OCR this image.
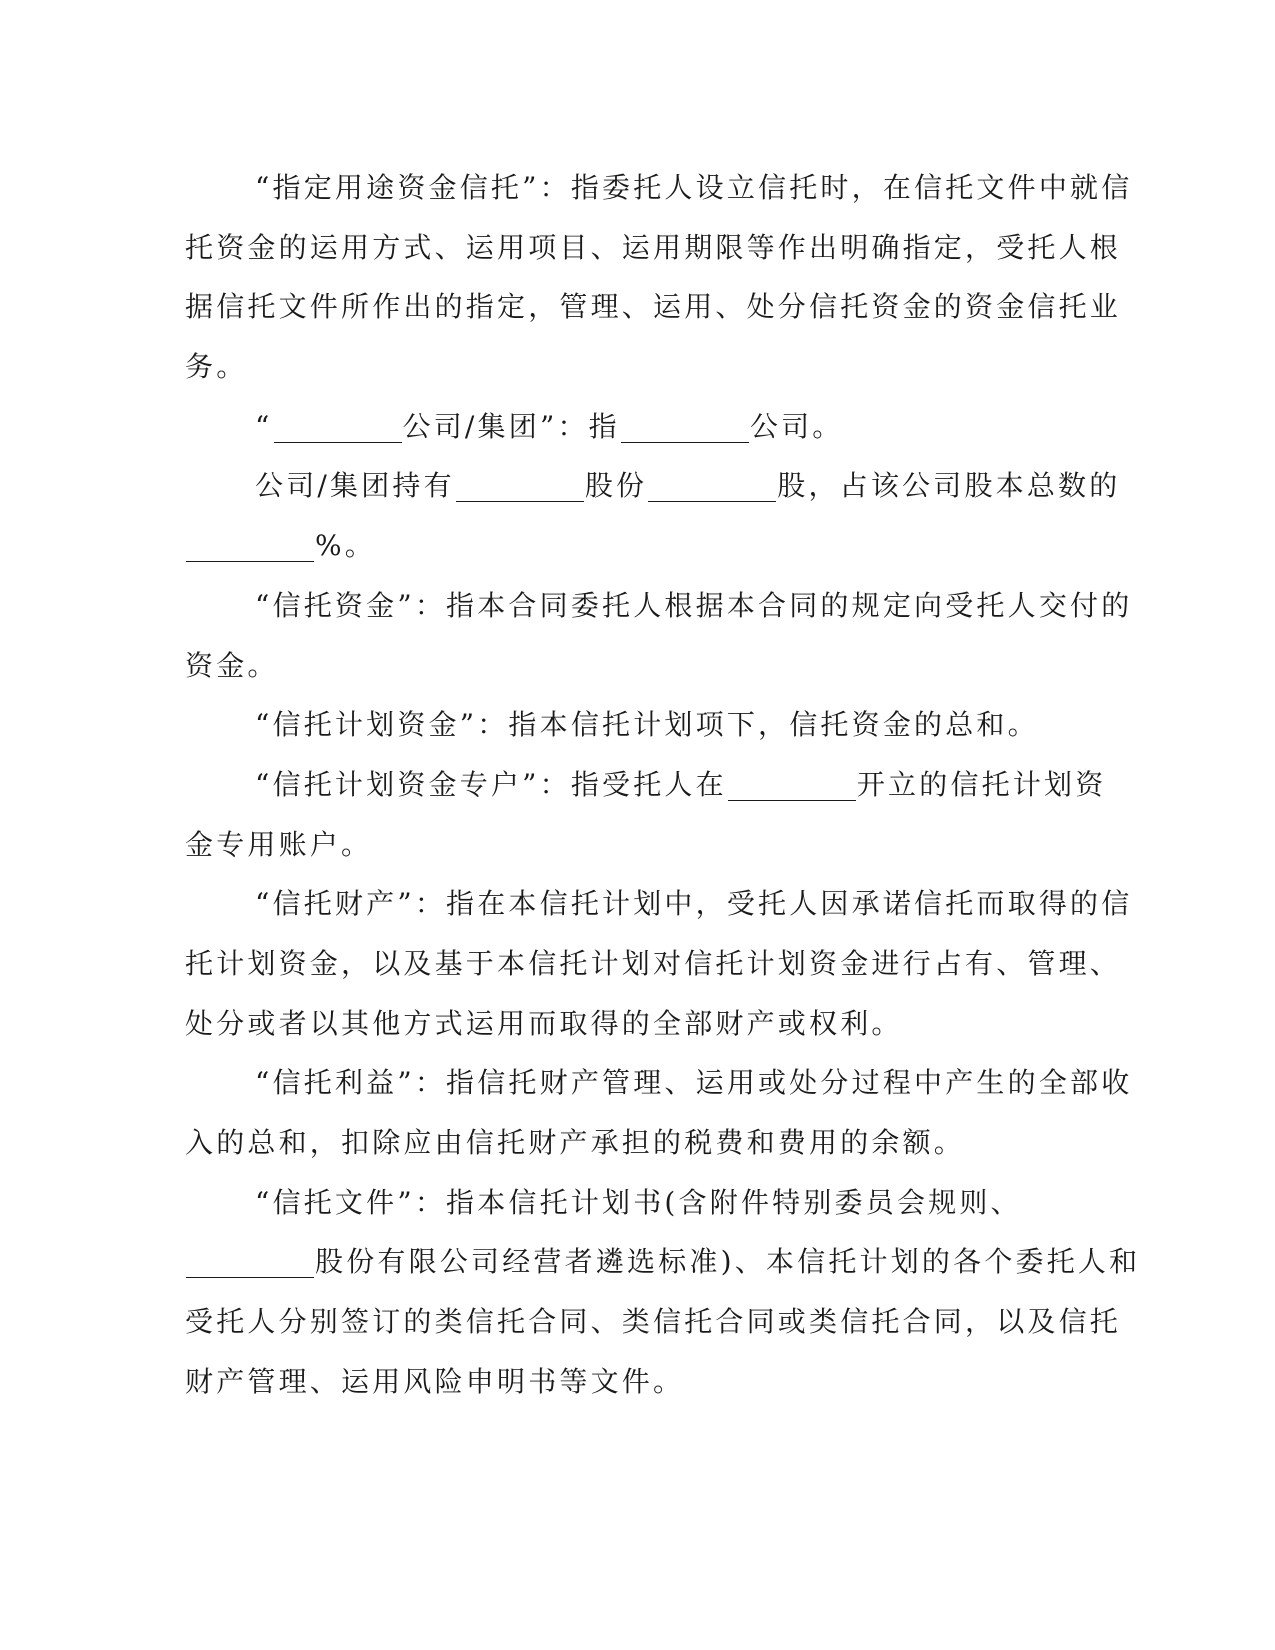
“指定用途资金信托”：指委托人设立信托时，在信托文件中就信
托资金的运用方式、运用项目、运用期限等作出明确指定，受托人根
据信托文件所作出的指定，管理、运用、处分信托资金的资金信托业
务。
“	公司/集团”：指	公司。
公司/集团持有	股份	股，占该公司股本总数的
%。
“信托资金”：指本合同委托人根据本合同的规定向受托人交付的
资金。
“信托计划资金”：指本信托计划项下，信托资金的总和。
“信托计划资金专户”：指受托人在	开立的信托计划资
金专用账户。
“信托财产”：指在本信托计划中，受托人因承诺信托而取得的信
托计划资金，以及基于本信托计划对信托计划资金进行占有、管理、
处分或者以其他方式运用而取得的全部财产或权利。
“信托利益”：指信托财产管理、运用或处分过程中产生的全部收
入的总和，扣除应由信托财产承担的税费和费用的余额。
“信托文件”：指本信托计划书(含附件特别委员会规则、
股份有限公司经营者遴选标准)、本信托计划的各个委托人和
受托人分别签订的类信托合同、类信托合同或类信托合同，以及信托
财产管理、运用风险申明书等文件。
